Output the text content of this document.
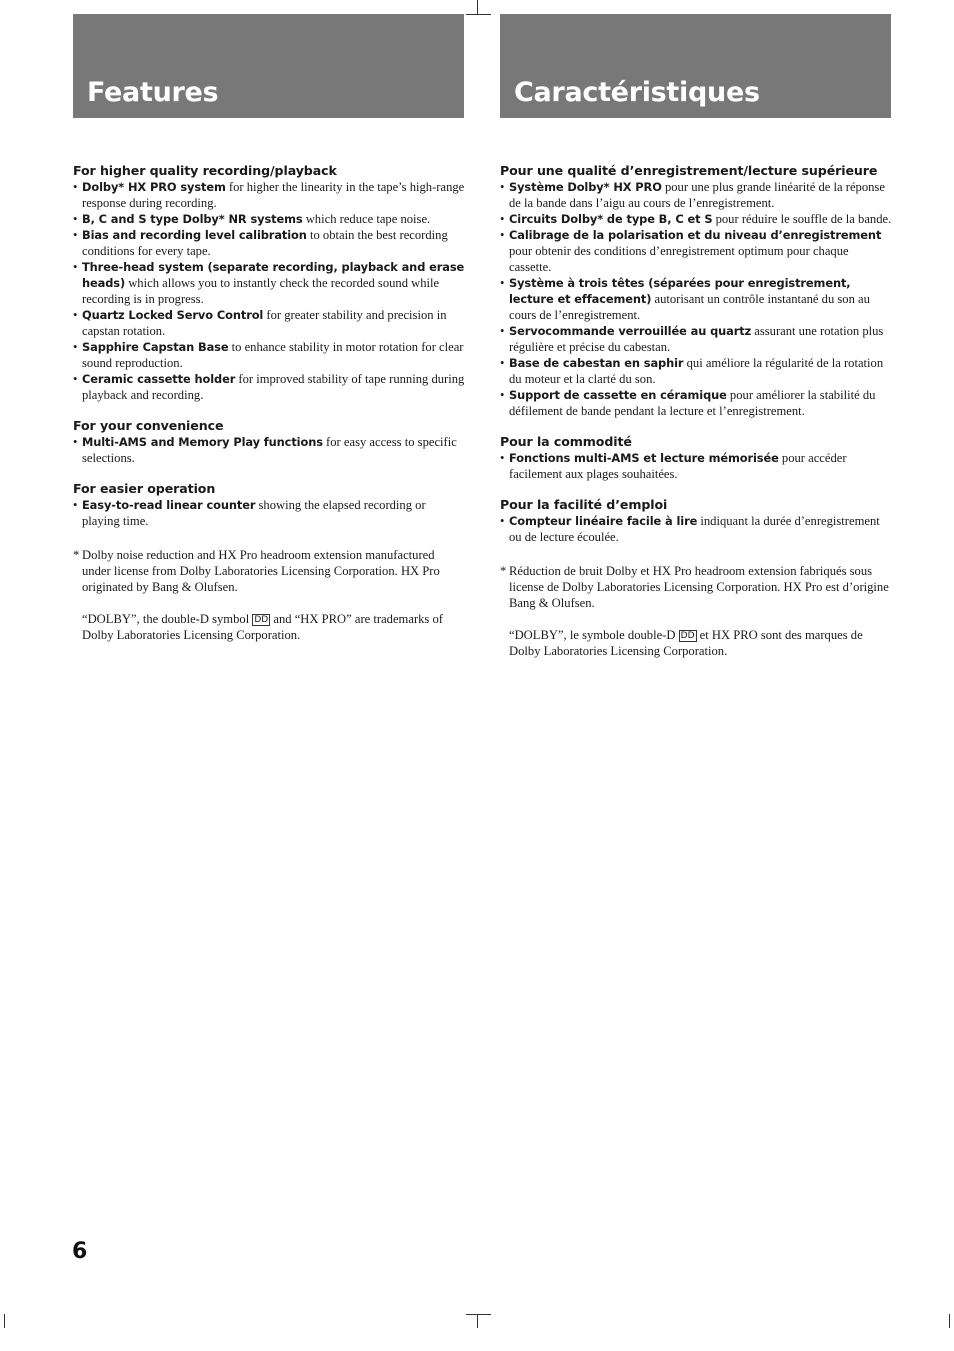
Features	Caractéristiques
For higher quality recording/playback
• Dolby* HX PRO system for higher the linearity in the tape’s high-range response during recording.
• B, C and S type Dolby* NR systems which reduce tape noise.
• Bias and recording level calibration to obtain the best recording conditions for every tape.
• Three-head system (separate recording, playback and erase heads) which allows you to instantly check the recorded sound while recording is in progress.
• Quartz Locked Servo Control for greater stability and precision in capstan rotation.
• Sapphire Capstan Base to enhance stability in motor rotation for clear sound reproduction.
• Ceramic cassette holder for improved stability of tape running during playback and recording.
For your convenience
• Multi-AMS and Memory Play functions for easy access to specific selections.
For easier operation
• Easy-to-read linear counter showing the elapsed recording or playing time.
* Dolby noise reduction and HX Pro headroom extension manufactured under license from Dolby Laboratories Licensing Corporation. HX Pro originated by Bang & Olufsen.

“DOLBY”, the double-D symbol DD and “HX PRO” are trademarks of Dolby Laboratories Licensing Corporation.

Pour une qualité d’enregistrement/lecture supérieure
• Système Dolby* HX PRO pour une plus grande linéarité de la réponse de la bande dans l’aigu au cours de l’enregistrement.
• Circuits Dolby* de type B, C et S pour réduire le souffle de la bande.
• Calibrage de la polarisation et du niveau d’enregistrement pour obtenir des conditions d’enregistrement optimum pour chaque cassette.
• Système à trois têtes (séparées pour enregistrement, lecture et effacement) autorisant un contrôle instantané du son au cours de l’enregistrement.
• Servocommande verrouillée au quartz assurant une rotation plus régulière et précise du cabestan.
• Base de cabestan en saphir qui améliore la régularité de la rotation du moteur et la clarté du son.
• Support de cassette en céramique pour améliorer la stabilité du défilement de bande pendant la lecture et l’enregistrement.
Pour la commodité
• Fonctions multi-AMS et lecture mémorisée pour accéder facilement aux plages souhaitées.
Pour la facilité d’emploi
• Compteur linéaire facile à lire indiquant la durée d’enregistrement ou de lecture écoulée.
* Réduction de bruit Dolby et HX Pro headroom extension fabriqués sous license de Dolby Laboratories Licensing Corporation. HX Pro est d’origine Bang & Olufsen.

“DOLBY”, le symbole double-D DD et HX PRO sont des marques de Dolby Laboratories Licensing Corporation.

6
